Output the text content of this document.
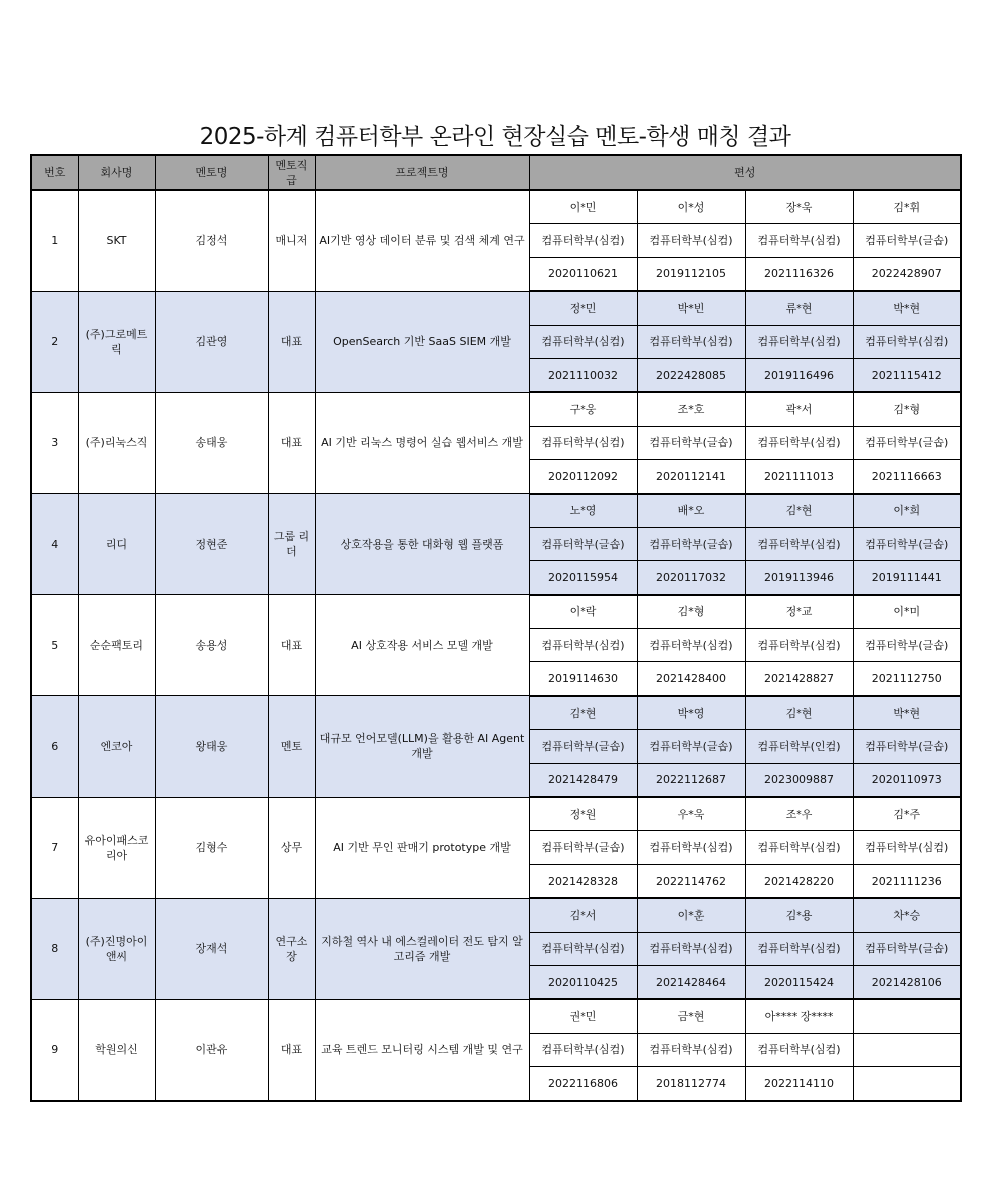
2025-하계 컴퓨터학부 온라인 현장실습 멘토-학생 매칭 결과
번호	회사명	멘토명	멘토직급	프로젝트명	편성			
1	SKT	김정석	매니저	AI기반 영상 데이터 분류 및 검색 체계 연구	이*민	이*성	장*욱	김*휘
					컴퓨터학부(심컴)	컴퓨터학부(심컴)	컴퓨터학부(심컴)	컴퓨터학부(글솝)
					2020110621	2019112105	2021116326	2022428907
2	(주)그로메트릭	김관영	대표	OpenSearch 기반 SaaS SIEM 개발	정*민	박*빈	류*현	박*현
					컴퓨터학부(심컴)	컴퓨터학부(심컴)	컴퓨터학부(심컴)	컴퓨터학부(심컴)
					2021110032	2022428085	2019116496	2021115412
3	(주)리눅스직	송태웅	대표	AI 기반 리눅스 명령어 실습 웹서비스 개발	구*웅	조*호	곽*서	김*형
					컴퓨터학부(심컴)	컴퓨터학부(글솝)	컴퓨터학부(심컴)	컴퓨터학부(글솝)
					2020112092	2020112141	2021111013	2021116663
4	리디	정현준	그룹 리더	상호작용을 통한 대화형 웹 플랫폼	노*영	배*오	김*현	이*희
					컴퓨터학부(글솝)	컴퓨터학부(글솝)	컴퓨터학부(심컴)	컴퓨터학부(글솝)
					2020115954	2020117032	2019113946	2019111441
5	순순팩토리	송용성	대표	AI 상호작용 서비스 모델 개발	이*락	김*형	정*교	이*미
					컴퓨터학부(심컴)	컴퓨터학부(심컴)	컴퓨터학부(심컴)	컴퓨터학부(글솝)
					2019114630	2021428400	2021428827	2021112750
6	엔코아	왕태웅	멘토	대규모 언어모델(LLM)을 활용한 AI Agent 개발	김*현	박*영	김*현	박*현
					컴퓨터학부(글솝)	컴퓨터학부(글솝)	컴퓨터학부(인컴)	컴퓨터학부(글솝)
					2021428479	2022112687	2023009887	2020110973
7	유아이패스코리아	김형수	상무	AI 기반 무인 판매기 prototype 개발	정*원	우*욱	조*우	김*주
					컴퓨터학부(글솝)	컴퓨터학부(심컴)	컴퓨터학부(심컴)	컴퓨터학부(심컴)
					2021428328	2022114762	2021428220	2021111236
8	(주)진명아이앤씨	장재석	연구소장	지하철 역사 내 에스컬레이터 전도 탐지 알고리즘 개발	김*서	이*훈	김*용	차*승
					컴퓨터학부(심컴)	컴퓨터학부(심컴)	컴퓨터학부(심컴)	컴퓨터학부(글솝)
					2020110425	2021428464	2020115424	2021428106
9	학원의신	이관유	대표	교육 트렌드 모니터링 시스템 개발 및 연구	권*민	금*현	아**** 장****	
					컴퓨터학부(심컴)	컴퓨터학부(심컴)	컴퓨터학부(심컴)	
					2022116806	2018112774	2022114110	
